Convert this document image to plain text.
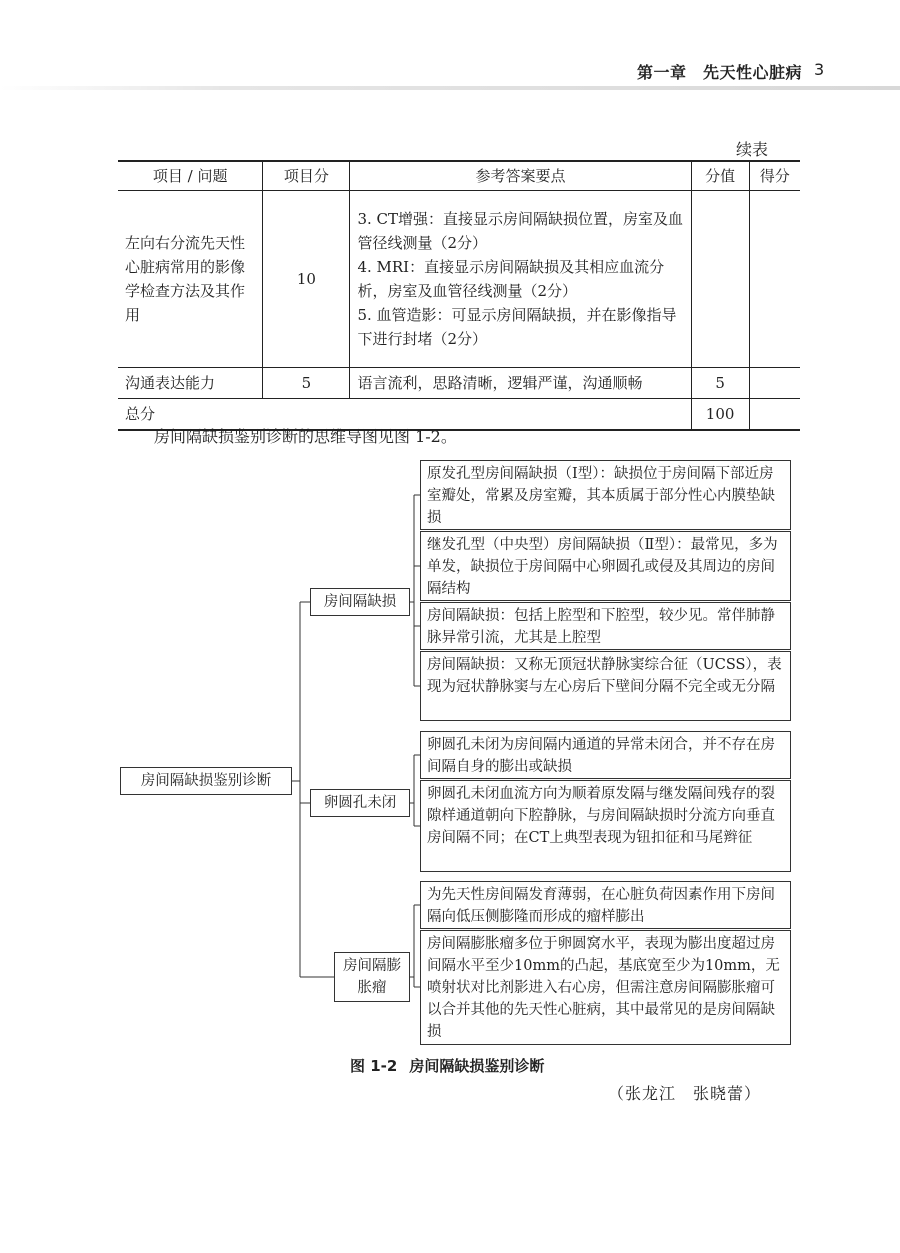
第一章　先天性心脏病 3
续表
项目 / 问题	项目分	参考答案要点	分值	得分
左向右分流先天性心脏病常用的影像学检查方法及其作用	10	3. CT增强：直接显示房间隔缺损位置，房室及血管径线测量（2分）
4. MRI：直接显示房间隔缺损及其相应血流分析，房室及血管径线测量（2分）
5. 血管造影：可显示房间隔缺损，并在影像指导下进行封堵（2分）		

沟通表达能力	5	语言流利，思路清晰，逻辑严谨，沟通顺畅	5	
总分			100	
房间隔缺损鉴别诊断的思维导图见图 1-2。
房间隔缺损鉴别诊断
房间隔缺损
卵圆孔未闭
房间隔膨胀瘤
原发孔型房间隔缺损（Ⅰ型）：缺损位于房间隔下部近房室瓣处，常累及房室瓣，其本质属于部分性心内膜垫缺损
继发孔型（中央型）房间隔缺损（Ⅱ型）：最常见，多为单发，缺损位于房间隔中心卵圆孔或侵及其周边的房间隔结构
房间隔缺损：包括上腔型和下腔型，较少见。常伴肺静脉异常引流，尤其是上腔型
房间隔缺损：又称无顶冠状静脉窦综合征（UCSS），表现为冠状静脉窦与左心房后下壁间分隔不完全或无分隔
卵圆孔未闭为房间隔内通道的异常未闭合，并不存在房间隔自身的膨出或缺损
卵圆孔未闭血流方向为顺着原发隔与继发隔间残存的裂隙样通道朝向下腔静脉，与房间隔缺损时分流方向垂直房间隔不同；在CT上典型表现为钮扣征和马尾辫征
为先天性房间隔发育薄弱，在心脏负荷因素作用下房间隔向低压侧膨隆而形成的瘤样膨出
房间隔膨胀瘤多位于卵圆窝水平，表现为膨出度超过房间隔水平至少10mm的凸起，基底宽至少为10mm，无喷射状对比剂影进入右心房，但需注意房间隔膨胀瘤可以合并其他的先天性心脏病，其中最常见的是房间隔缺损
图 1-2 房间隔缺损鉴别诊断
（张龙江　张晓蕾）
